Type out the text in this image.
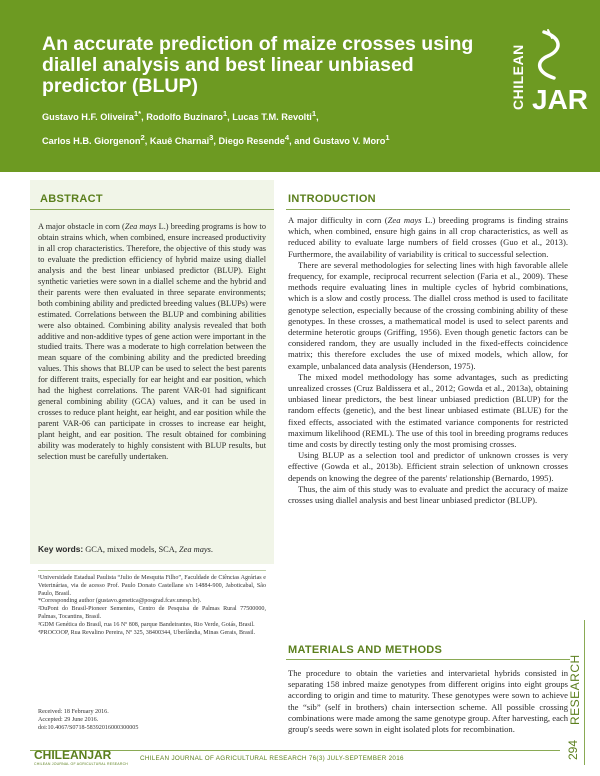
An accurate prediction of maize crosses using diallel analysis and best linear unbiased predictor (BLUP)
Gustavo H.F. Oliveira$^{1*}$, Rodolfo Buzinaro$^1$, Lucas T.M. Revolti$^1$,
Carlos H.B. Giorgenon$^2$, Kauê Charnai$^3$, Diego Resende$^4$, and Gustavo V. Moro$^1$
CHILEAN JAR
ABSTRACT

A major obstacle in corn (Zea mays L.) breeding programs is how to obtain strains which, when combined, ensure increased productivity in all crop characteristics. Therefore, the objective of this study was to evaluate the prediction efficiency of hybrid maize using diallel analysis and the best linear unbiased predictor (BLUP). Eight synthetic varieties were sown in a diallel scheme and the hybrid and their parents were then evaluated in three separate environments; both combining ability and predicted breeding values (BLUPs) were estimated. Correlations between the BLUP and combining abilities were also obtained. Combining ability analysis revealed that both additive and non-additive types of gene action were important in the studied traits. There was a moderate to high correlation between the mean square of the combining ability and the predicted breeding values. This shows that BLUP can be used to select the best parents for different traits, especially for ear height and ear position, which had the highest correlations. The parent VAR-01 had significant general combining ability (GCA) values, and it can be used in crosses to reduce plant height, ear height, and ear position while the parent VAR-06 can participate in crosses to increase ear height, plant height, and ear position. The result obtained for combining ability was moderately to highly consistent with BLUP results, but selection must be carefully undertaken.

Key words: GCA, mixed models, SCA, Zea mays.
¹Universidade Estadual Paulista “Julio de Mesquita Filho”, Faculdade de Ciências Agrárias e Veterinárias, via de acesso Prof. Paulo Donato Castellane s/n 14884-900, Jaboticabal, São Paulo, Brasil.
*Corresponding author (gustavo.genetica@posgrad.fcav.unesp.br).
²DuPont do Brasil-Pioneer Sementes, Centro de Pesquisa de Palmas Rural 77500000, Palmas, Tocantins, Brasil.
³GDM Genética do Brasil, rua 16 Nº 808, parque Bandeirantes, Rio Verde, Goiás, Brasil.
⁴PROCOOP, Rua Revalino Pereira, Nº 325, 38400344, Uberlândia, Minas Gerais, Brasil.
Received: 18 February 2016.
Accepted: 29 June 2016.
doi:10.4067/S0718-58392016000300005
INTRODUCTION

A major difficulty in corn (Zea mays L.) breeding programs is finding strains which, when combined, ensure high gains in all crop characteristics, as well as reduced ability to evaluate large numbers of field crosses (Guo et al., 2013). Furthermore, the availability of variability is critical to successful selection.

There are several methodologies for selecting lines with high favorable allele frequency, for example, reciprocal recurrent selection (Faria et al., 2009). These methods require evaluating lines in multiple cycles of hybrid combinations, which is a slow and costly process. The diallel cross method is used to facilitate genotype selection, especially because of the crossing combining ability of these genotypes. In these crosses, a mathematical model is used to select parents and determine heterotic groups (Griffing, 1956). Even though genetic factors can be considered random, they are usually included in the fixed-effects coincidence matrix; this therefore excludes the use of mixed models, which allow, for example, unbalanced data analysis (Henderson, 1975).

The mixed model methodology has some advantages, such as predicting unrealized crosses (Cruz Baldissera et al., 2012; Gowda et al., 2013a), obtaining unbiased linear predictors, the best linear unbiased prediction (BLUP) for the random effects (genetic), and the best linear unbiased estimate (BLUE) for the fixed effects, associated with the estimated variance components for restricted maximum likelihood (REML). The use of this tool in breeding programs reduces time and costs by directly testing only the most promising crosses.

Using BLUP as a selection tool and predictor of unknown crosses is very effective (Gowda et al., 2013b). Efficient strain selection of unknown crosses depends on knowing the degree of the parents' relationship (Bernardo, 1995).

Thus, the aim of this study was to evaluate and predict the accuracy of maize crosses using diallel analysis and best linear unbiased predictor (BLUP).

MATERIALS AND METHODS

The procedure to obtain the varieties and intervarietal hybrids consisted in separating 158 inbred maize genotypes from different origins into eight groups according to origin and time to maturity. These genotypes were sown to achieve the “sib” (self in brothers) chain intersection scheme. All possible crossing combinations were made among the same genotype group. After harvesting, each group's seeds were sown in eight isolated plots for recombination.

CHILEANJAR
CHILEAN JOURNAL OF AGRICULTURAL RESEARCH
CHILEAN JOURNAL OF AGRICULTURAL RESEARCH 76(3) JULY-SEPTEMBER 2016
RESEARCH
294
